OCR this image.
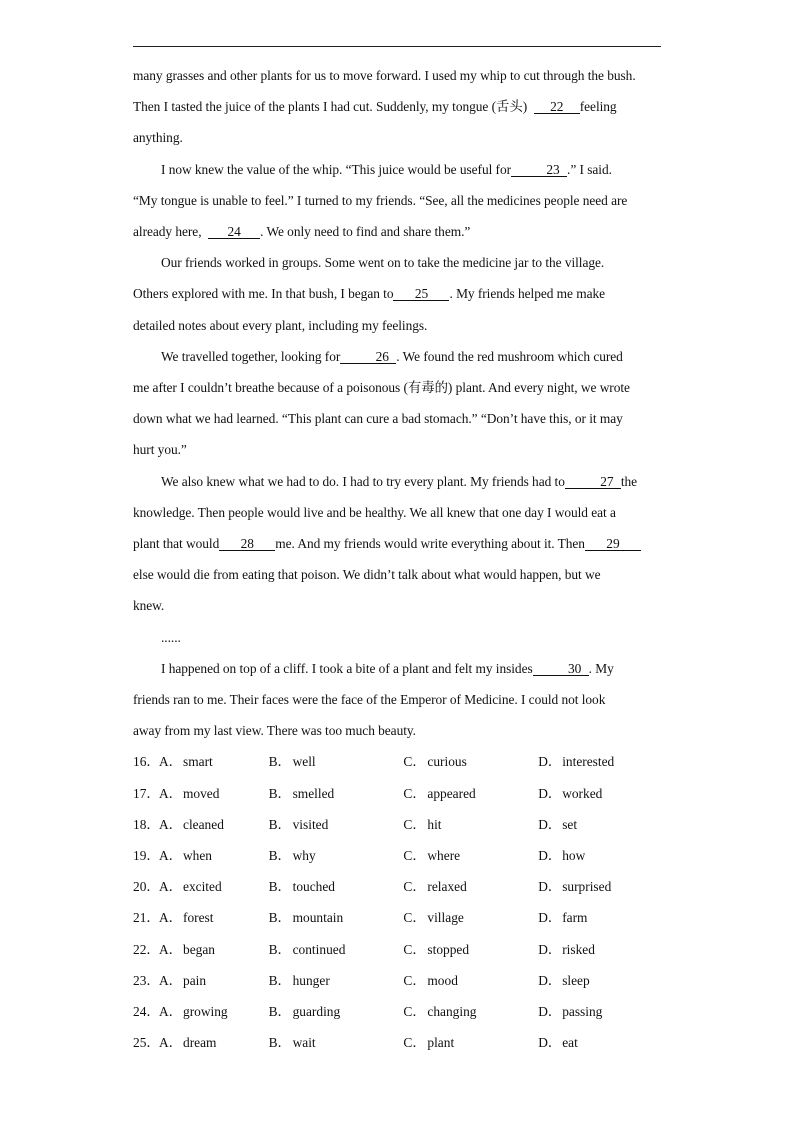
many grasses and other plants for us to move forward. I used my whip to cut through the bush.

Then I tasted the juice of the plants I had cut. Suddenly, my tongue (舌头) 22 feeling

anything.

I now knew the value of the whip. “This juice would be useful for	23 .” I said.

“My tongue is unable to feel.” I turned to my friends. “See, all the medicines people need are

already here, 24 . We only need to find and share them.”

Our friends worked in groups. Some went on to take the medicine jar to the village.

Others explored with me. In that bush, I began to 25 . My friends helped me make

detailed notes about every plant, including my feelings.

We travelled together, looking for	26 . We found the red mushroom which cured

me after I couldn’t breathe because of a poisonous (有毒的) plant. And every night, we wrote

down what we had learned. “This plant can cure a bad stomach.” “Don’t have this, or it may

hurt you.”

We also knew what we had to do. I had to try every plant. My friends had to	27 the

knowledge. Then people would live and be healthy. We all knew that one day I would eat a

plant that would 28 me. And my friends would write everything about it. Then 29

else would die from eating that poison. We didn’t talk about what would happen, but we

knew.

......

I happened on top of a cliff. I took a bite of a plant and felt my insides	30 . My

friends ran to me. Their faces were the face of the Emperor of Medicine. I could not look

away from my last view. There was too much beauty.

16． A． smart	B． well	C． curious	D． interested
17． A． moved	B． smelled	C． appeared	D． worked
18． A． cleaned	B． visited	C． hit	D． set
19． A． when	B． why	C． where	D． how
20． A． excited	B． touched	C． relaxed	D． surprised
21． A． forest	B． mountain	C． village	D． farm
22． A． began	B． continued	C． stopped	D． risked
23． A． pain	B． hunger	C． mood	D． sleep
24． A． growing	B． guarding	C． changing	D． passing
25． A． dream	B． wait	C． plant	D． eat
